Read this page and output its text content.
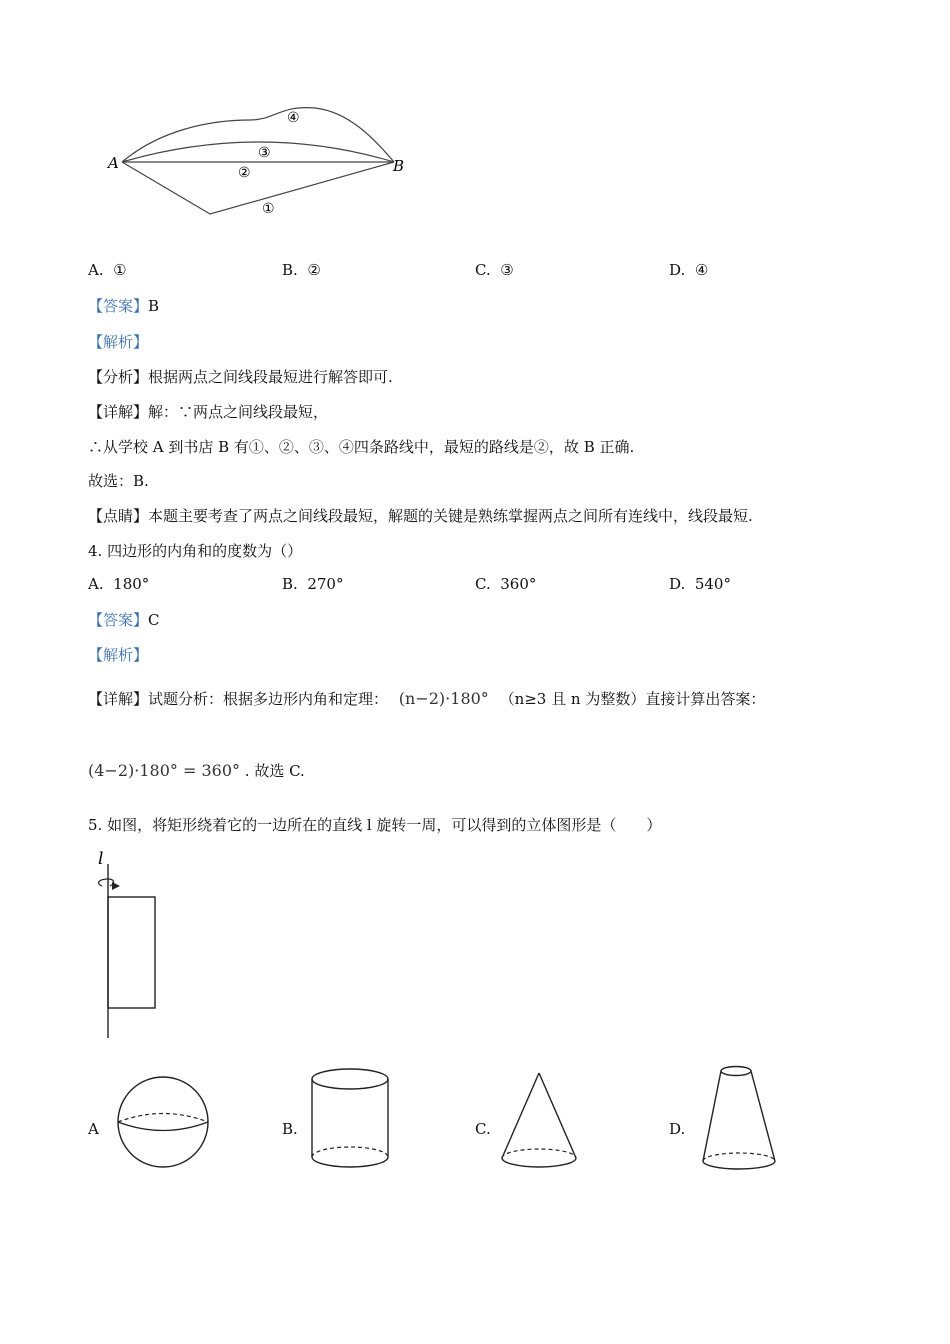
A	B
④
③
②
①
A. ①	B. ②	C. ③	D. ④
【答案】B
【解析】
【分析】根据两点之间线段最短进行解答即可.
【详解】解：∵两点之间线段最短，
∴从学校 A 到书店 B 有①、②、③、④四条路线中，最短的路线是②，故 B 正确.
故选：B.
【点睛】本题主要考查了两点之间线段最短，解题的关键是熟练掌握两点之间所有连线中，线段最短.
4. 四边形的内角和的度数为（）
A. 180°	B. 270°	C. 360°	D. 540°
【答案】C
【解析】
【详解】试题分析：根据多边形内角和定理： (n−2)·180° （n≥3 且 n 为整数）直接计算出答案：
(4−2)·180° = 360° . 故选 C.
5. 如图，将矩形绕着它的一边所在的直线 l 旋转一周，可以得到的立体图形是（　　）
l
A	B.	C.	D.
